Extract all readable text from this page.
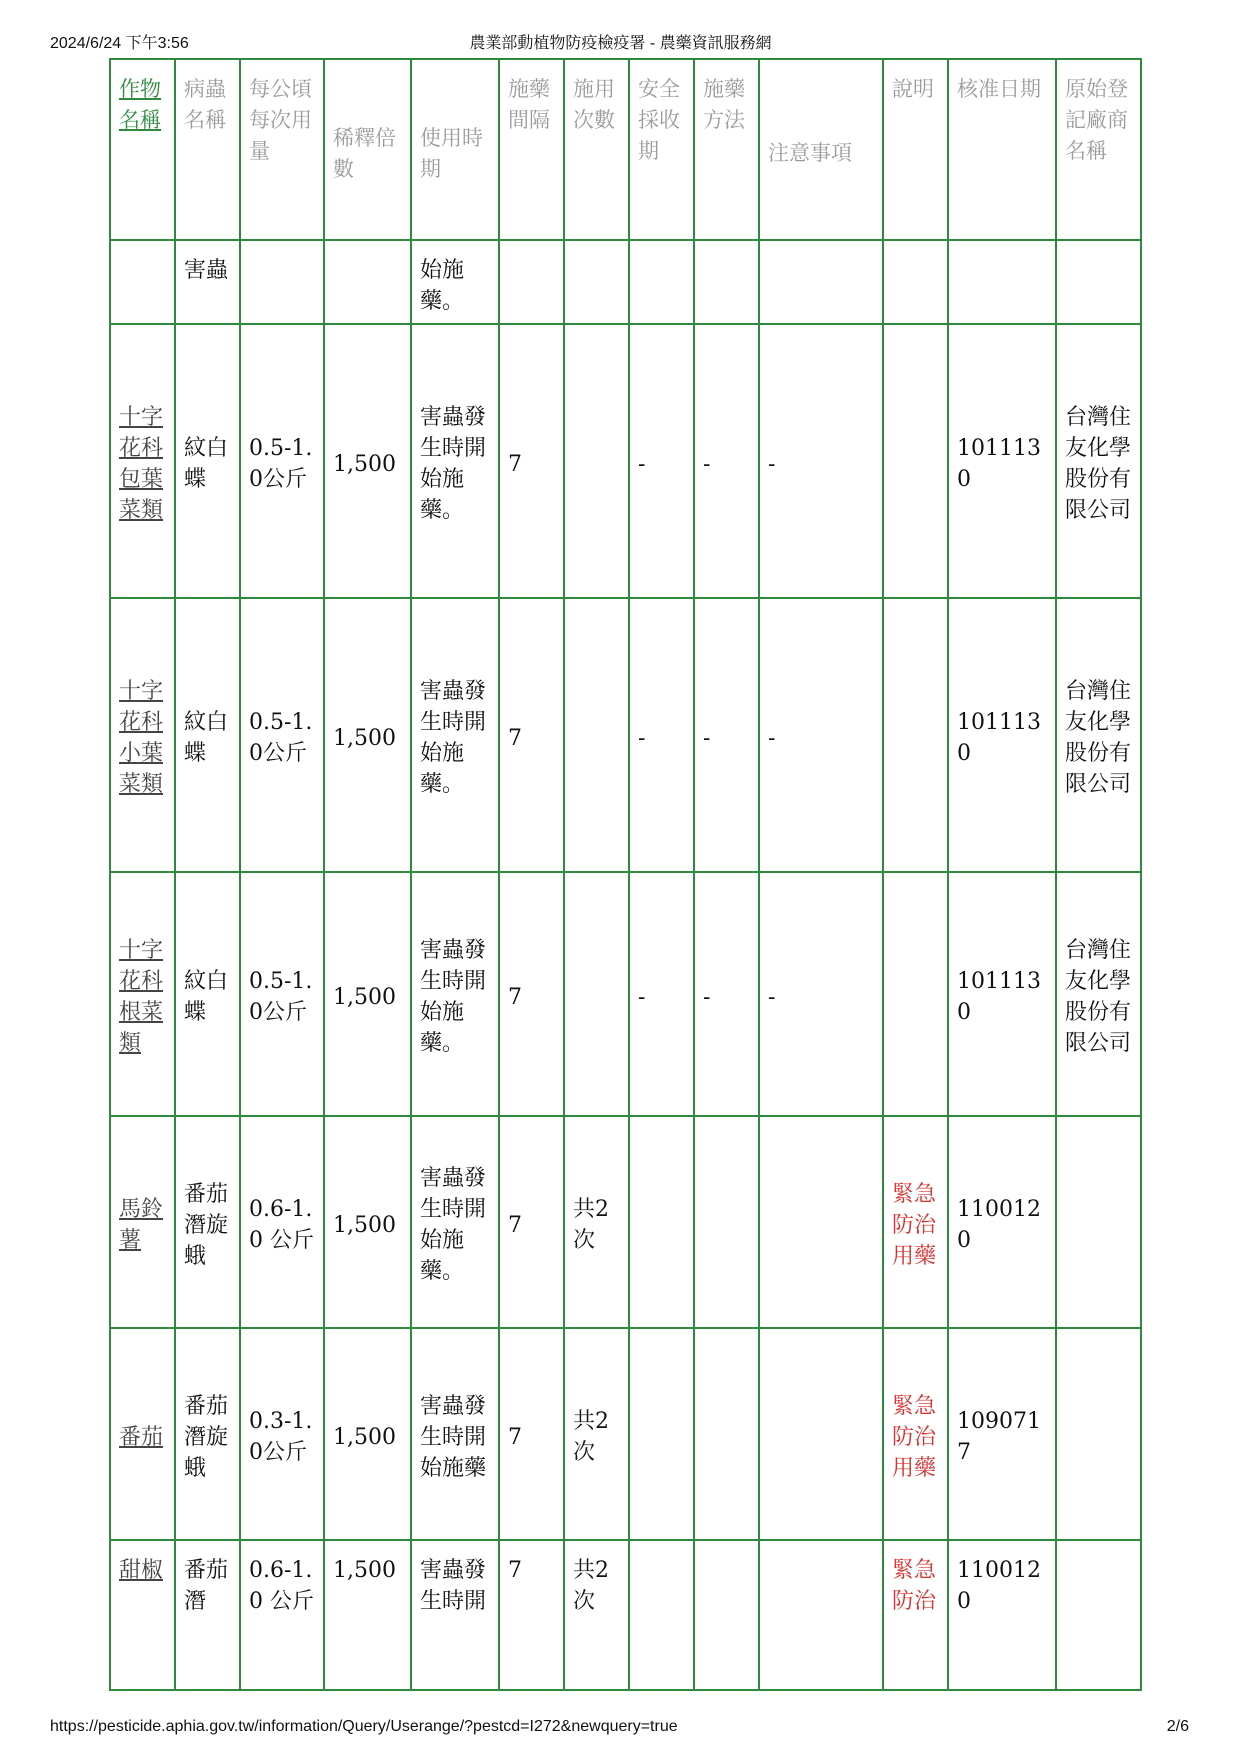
2024/6/24 下午3:56	農業部動植物防疫檢疫署 - 農藥資訊服務網
作物名稱	病蟲名稱	每公頃每次用量	稀釋倍數	使用時期	施藥間隔	施用次數	安全採收期	施藥方法	注意事項	說明	核准日期	原始登記廠商名稱
	害蟲			始施藥。								
十字花科包葉菜類	紋白蝶	0.5-1.0公斤	1,500	害蟲發生時開始施藥。	7		-	-	-		1011130	台灣住友化學股份有限公司
十字花科小葉菜類	紋白蝶	0.5-1.0公斤	1,500	害蟲發生時開始施藥。	7		-	-	-		1011130	台灣住友化學股份有限公司
十字花科根菜類	紋白蝶	0.5-1.0公斤	1,500	害蟲發生時開始施藥。	7		-	-	-		1011130	台灣住友化學股份有限公司
馬鈴薯	番茄潛旋蛾	0.6-1.0 公斤	1,500	害蟲發生時開始施藥。	7	共2次				緊急防治用藥	1100120	
番茄	番茄潛旋蛾	0.3-1.0公斤	1,500	害蟲發生時開始施藥	7	共2次				緊急防治用藥	1090717	
甜椒	番茄潛	0.6-1.0 公斤	1,500	害蟲發生時開	7	共2次				緊急防治	1100120	
https://pesticide.aphia.gov.tw/information/Query/Userange/?pestcd=I272&newquery=true	2/6
